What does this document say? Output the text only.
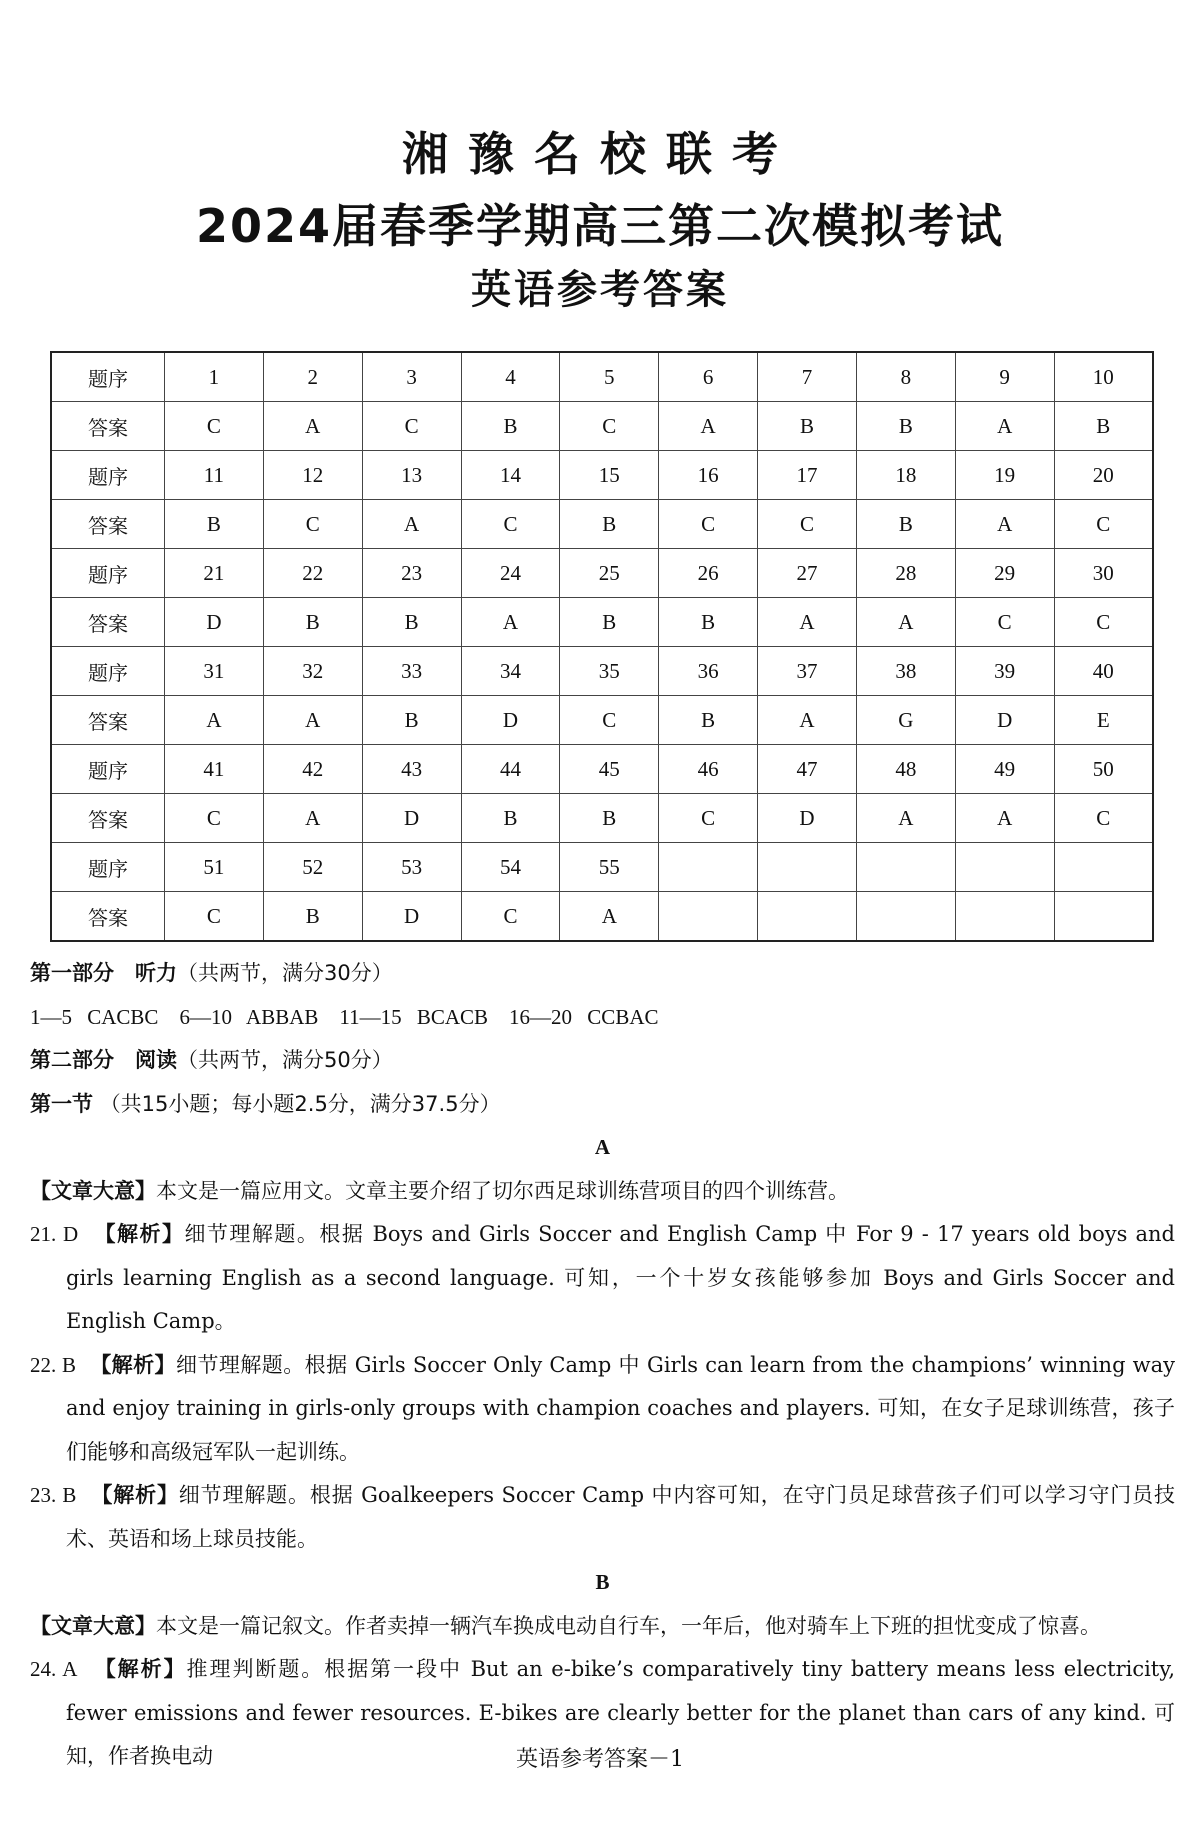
湘豫名校联考
2024届春季学期高三第二次模拟考试
英语参考答案
题序	1	2	3	4	5	6	7	8	9	10
答案	C	A	C	B	C	A	B	B	A	B
题序	11	12	13	14	15	16	17	18	19	20
答案	B	C	A	C	B	C	C	B	A	C
题序	21	22	23	24	25	26	27	28	29	30
答案	D	B	B	A	B	B	A	A	C	C
题序	31	32	33	34	35	36	37	38	39	40
答案	A	A	B	D	C	B	A	G	D	E
题序	41	42	43	44	45	46	47	48	49	50
答案	C	A	D	B	B	C	D	A	A	C
题序	51	52	53	54	55					
答案	C	B	D	C	A					

第一部分　听力（共两节，满分30分）

1—5 CACBC　6—10 ABBAB　11—15 BCACB　16—20 CCBAC

第二部分　阅读（共两节，满分50分）

第一节 （共15小题；每小题2.5分，满分37.5分）

A

【文章大意】本文是一篇应用文。文章主要介绍了切尔西足球训练营项目的四个训练营。

21. D 【解析】细节理解题。根据 Boys and Girls Soccer and English Camp 中 For 9 - 17 years old boys and girls learning English as a second language. 可知，一个十岁女孩能够参加 Boys and Girls Soccer and English Camp。

22. B 【解析】细节理解题。根据 Girls Soccer Only Camp 中 Girls can learn from the champions’ winning way and enjoy training in girls-only groups with champion coaches and players. 可知，在女子足球训练营，孩子们能够和高级冠军队一起训练。

23. B 【解析】细节理解题。根据 Goalkeepers Soccer Camp 中内容可知，在守门员足球营孩子们可以学习守门员技术、英语和场上球员技能。

B

【文章大意】本文是一篇记叙文。作者卖掉一辆汽车换成电动自行车，一年后，他对骑车上下班的担忧变成了惊喜。

24. A 【解析】推理判断题。根据第一段中 But an e-bike’s comparatively tiny battery means less electricity, fewer emissions and fewer resources. E-bikes are clearly better for the planet than cars of any kind. 可知，作者换电动	英语参考答案－1
